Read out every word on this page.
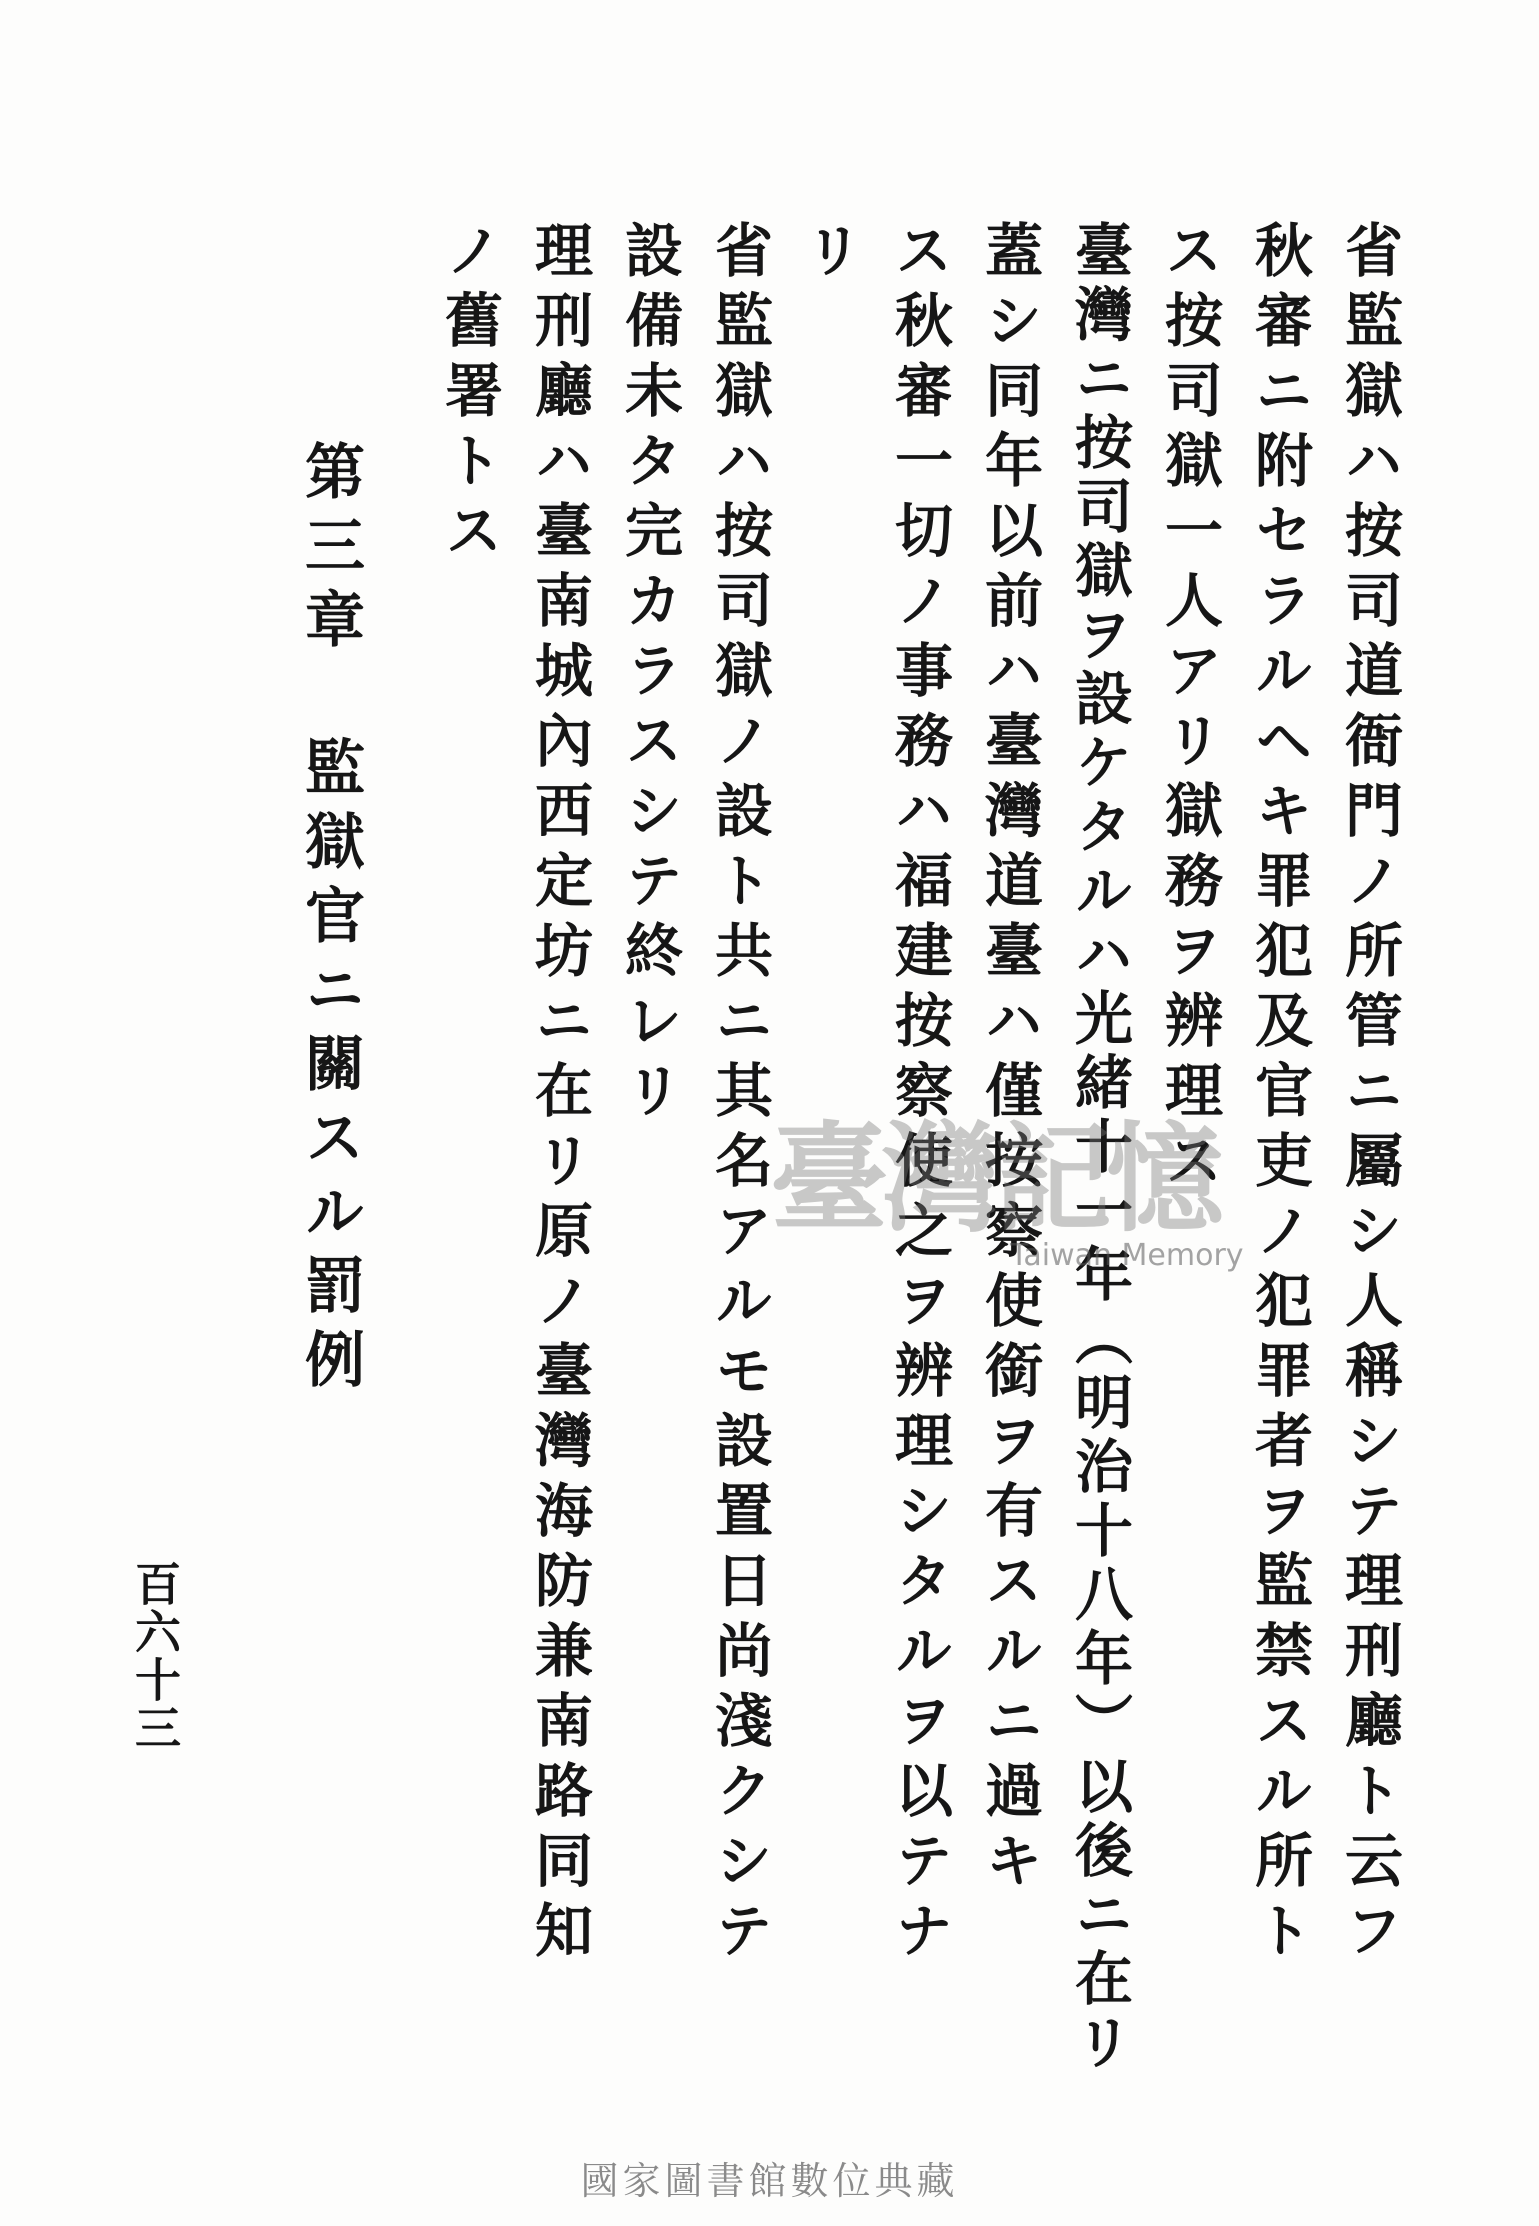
省監獄ハ按司道衙門ノ所管ニ屬シ人稱シテ理刑廳ト云フ
秋審ニ附セラルヘキ罪犯及官吏ノ犯罪者ヲ監禁スル所ト
ス按司獄一人アリ獄務ヲ辨理ス
臺灣ニ按司獄ヲ設ケタルハ光緒十一年（明治十八年）以後ニ在リ
蓋シ同年以前ハ臺灣道臺ハ僅按察使銜ヲ有スルニ過キ
ス秋審一切ノ事務ハ福建按察使之ヲ辨理シタルヲ以テナ
リ
省監獄ハ按司獄ノ設ト共ニ其名アルモ設置日尚淺クシテ
設備未タ完カラスシテ終レリ
理刑廳ハ臺南城內西定坊ニ在リ原ノ臺灣海防兼南路同知
ノ舊署トス
第三章　監獄官ニ關スル罰例
百六十三
臺灣記憶
Taiwan Memory
國家圖書館數位典藏
